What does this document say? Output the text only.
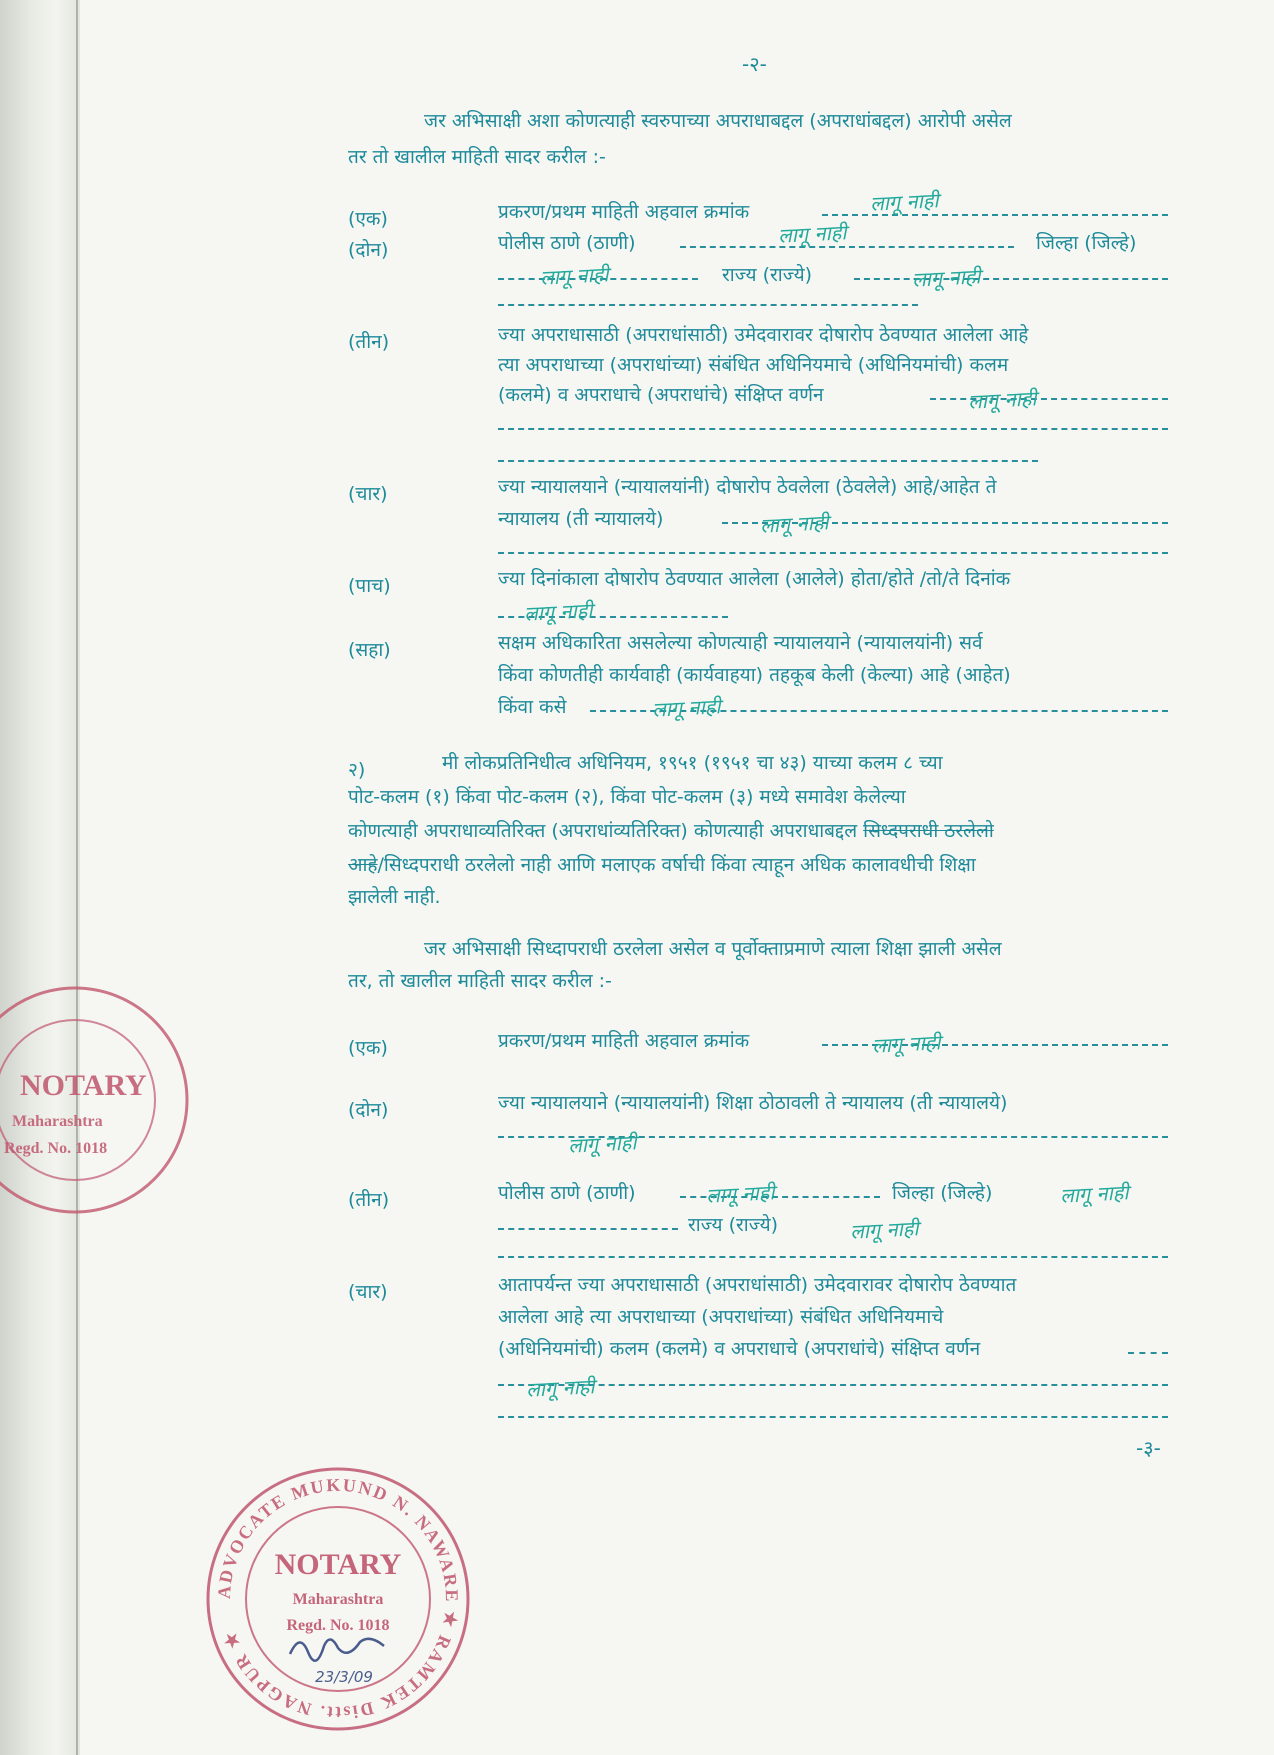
-२-
जर अभिसाक्षी अशा कोणत्याही स्वरुपाच्या अपराधाबद्दल (अपराधांबद्दल) आरोपी असेल
तर तो खालील माहिती सादर करील :-
(एक)	प्रकरण/प्रथम माहिती अहवाल क्रमांक	लागू नाही
(दोन)	पोलीस ठाणे (ठाणी)	लागू नाही	जिल्हा (जिल्हे)
लागू नाही	राज्य (राज्ये)	लागू नाही
(तीन)	ज्या अपराधासाठी (अपराधांसाठी) उमेदवारावर दोषारोप ठेवण्यात आलेला आहे
त्या अपराधाच्या (अपराधांच्या) संबंधित अधिनियमाचे (अधिनियमांची) कलम
(कलमे) व अपराधाचे (अपराधांचे) संक्षिप्त वर्णन	लागू नाही
(चार)	ज्या न्यायालयाने (न्यायालयांनी) दोषारोप ठेवलेला (ठेवलेले) आहे/आहेत ते
न्यायालय (ती न्यायालये)	लागू नाही
(पाच)	ज्या दिनांकाला दोषारोप ठेवण्यात आलेला (आलेले) होता/होते /तो/ते दिनांक
लागू नाही
(सहा)	सक्षम अधिकारिता असलेल्या कोणत्याही न्यायालयाने (न्यायालयांनी) सर्व
किंवा कोणतीही कार्यवाही (कार्यवाहया) तहकूब केली (केल्या) आहे (आहेत)
किंवा कसे	लागू नाही
२)	मी लोकप्रतिनिधीत्व अधिनियम, १९५१ (१९५१ चा ४३) याच्या कलम ८ च्या
पोट-कलम (१) किंवा पोट-कलम (२), किंवा पोट-कलम (३) मध्ये समावेश केलेल्या
कोणत्याही अपराधाव्यतिरिक्त (अपराधांव्यतिरिक्त) कोणत्याही अपराधाबद्दल सिध्दपराधी ठरलेलो
आहे/सिध्दपराधी ठरलेलो नाही आणि मलाएक वर्षाची किंवा त्याहून अधिक कालावधीची शिक्षा
झालेली नाही.
जर अभिसाक्षी सिध्दापराधी ठरलेला असेल व पूर्वोक्ताप्रमाणे त्याला शिक्षा झाली असेल
तर, तो खालील माहिती सादर करील :-
(एक)	प्रकरण/प्रथम माहिती अहवाल क्रमांक	लागू नाही
(दोन)	ज्या न्यायालयाने (न्यायालयांनी) शिक्षा ठोठावली ते न्यायालय (ती न्यायालये)
लागू नाही
(तीन)	पोलीस ठाणे (ठाणी)	लागू नाही	जिल्हा (जिल्हे)	लागू नाही
राज्य (राज्ये)	लागू नाही
(चार)	आतापर्यन्त ज्या अपराधासाठी (अपराधांसाठी) उमेदवारावर दोषारोप ठेवण्यात
आलेला आहे त्या अपराधाच्या (अपराधांच्या) संबंधित अधिनियमाचे
(अधिनियमांची) कलम (कलमे) व अपराधाचे (अपराधांचे) संक्षिप्त वर्णन
लागू नाही
-३-
NOTARY
Maharashtra
Regd. No. 1018
ADVOCATE MUKUND N. NAWARE ★ RAMTEK Distt. NAGPUR ★
NOTARY
Maharashtra
Regd. No. 1018
23/3/09
